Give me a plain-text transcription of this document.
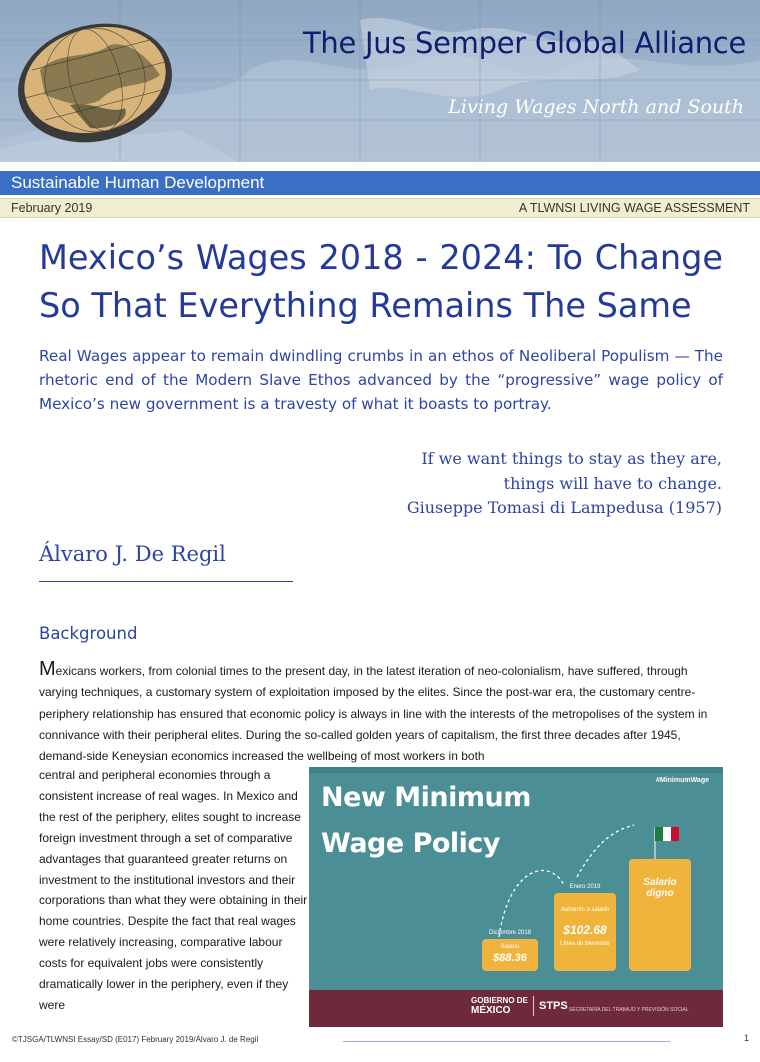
The Jus Semper Global Alliance
Living Wages North and South
Sustainable Human Development
February 2019	A TLWNSI LIVING WAGE ASSESSMENT
Mexico’s Wages 2018 - 2024: To Change So That Everything Remains The Same
Real Wages appear to remain dwindling crumbs in an ethos of Neoliberal Populism — The rhetoric end of the Modern Slave Ethos advanced by the “progressive” wage policy of Mexico’s new government is a travesty of what it boasts to portray.
If we want things to stay as they are,
things will have to change.
Giuseppe Tomasi di Lampedusa (1957)
Álvaro J. De Regil
Background
Mexicans workers, from colonial times to the present day, in the latest iteration of neo-colonialism, have suffered, through varying techniques, a customary system of exploitation imposed by the elites. Since the post-war era, the customary centre-periphery relationship has ensured that economic policy is always in line with the interests of the metropolises of the system in connivance with their peripheral elites. During the so-called golden years of capitalism, the first three decades after 1945, demand-side Keneysian economics increased the wellbeing of most workers in both
central and peripheral economies through a consistent increase of real wages. In Mexico and the rest of the periphery, elites sought to increase foreign investment through a set of comparative advantages that guaranteed greater returns on investment to the institutional investors and their corporations than what they were obtaining in their home countries. Despite the fact that real wages were relatively increasing, comparative labour costs for equivalent jobs were consistently dramatically lower in the periphery, even if they were
#MinimumWage
New Minimum
Wage Policy
Diciembre 2018
Salario
$88.36
Enero 2019
Aumento a salario
$102.68
Línea de bienestar
Salario digno
GOBIERNO DE
MÉXICO	STPS SECRETARÍA DEL TRABAJO Y PREVISIÓN SOCIAL
©TJSGA/TLWNSI Essay/SD (E017) February 2019/Álvaro J. de Regil	1
